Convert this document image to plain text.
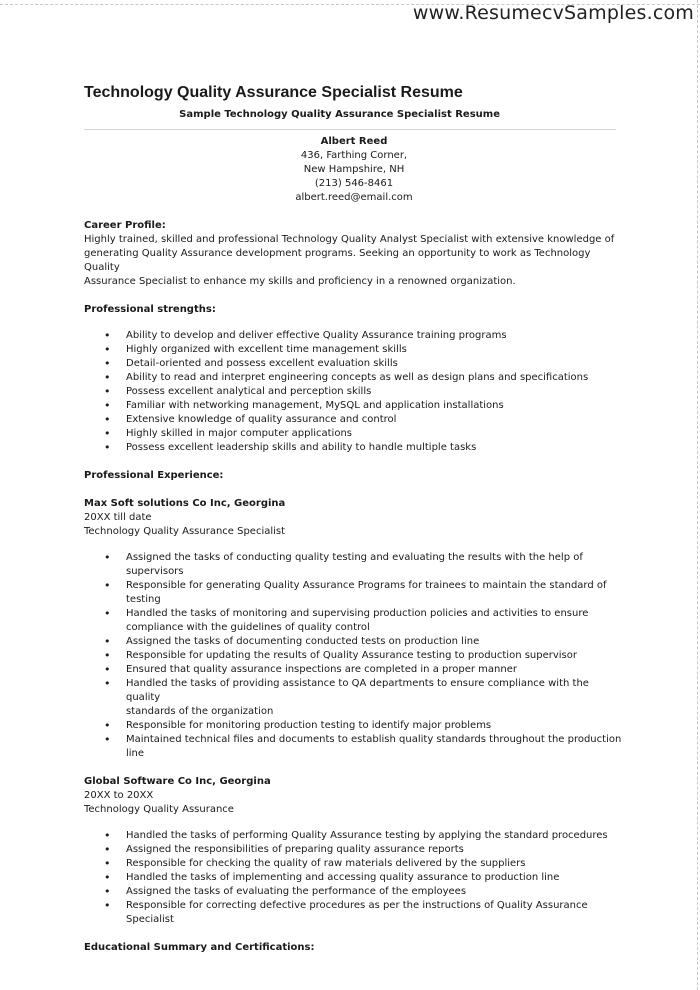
www.ResumecvSamples.com
Technology Quality Assurance Specialist Resume
Sample Technology Quality Assurance Specialist Resume
Albert Reed
436, Farthing Corner,
New Hampshire, NH
(213) 546-8461
albert.reed@email.com
Career Profile:
Highly trained, skilled and professional Technology Quality Analyst Specialist with extensive knowledge of
generating Quality Assurance development programs. Seeking an opportunity to work as Technology Quality
Assurance Specialist to enhance my skills and proficiency in a renowned organization.
Professional strengths:
• Ability to develop and deliver effective Quality Assurance training programs
• Highly organized with excellent time management skills
• Detail-oriented and possess excellent evaluation skills
• Ability to read and interpret engineering concepts as well as design plans and specifications
• Possess excellent analytical and perception skills
• Familiar with networking management, MySQL and application installations
• Extensive knowledge of quality assurance and control
• Highly skilled in major computer applications
• Possess excellent leadership skills and ability to handle multiple tasks
Professional Experience:
Max Soft solutions Co Inc, Georgina
20XX till date
Technology Quality Assurance Specialist
• Assigned the tasks of conducting quality testing and evaluating the results with the help of supervisors
• Responsible for generating Quality Assurance Programs for trainees to maintain the standard of testing
• Handled the tasks of monitoring and supervising production policies and activities to ensure
compliance with the guidelines of quality control
• Assigned the tasks of documenting conducted tests on production line
• Responsible for updating the results of Quality Assurance testing to production supervisor
• Ensured that quality assurance inspections are completed in a proper manner
• Handled the tasks of providing assistance to QA departments to ensure compliance with the quality
standards of the organization
• Responsible for monitoring production testing to identify major problems
• Maintained technical files and documents to establish quality standards throughout the production line
Global Software Co Inc, Georgina
20XX to 20XX
Technology Quality Assurance
• Handled the tasks of performing Quality Assurance testing by applying the standard procedures
• Assigned the responsibilities of preparing quality assurance reports
• Responsible for checking the quality of raw materials delivered by the suppliers
• Handled the tasks of implementing and accessing quality assurance to production line
• Assigned the tasks of evaluating the performance of the employees
• Responsible for correcting defective procedures as per the instructions of Quality Assurance Specialist
Educational Summary and Certifications:
